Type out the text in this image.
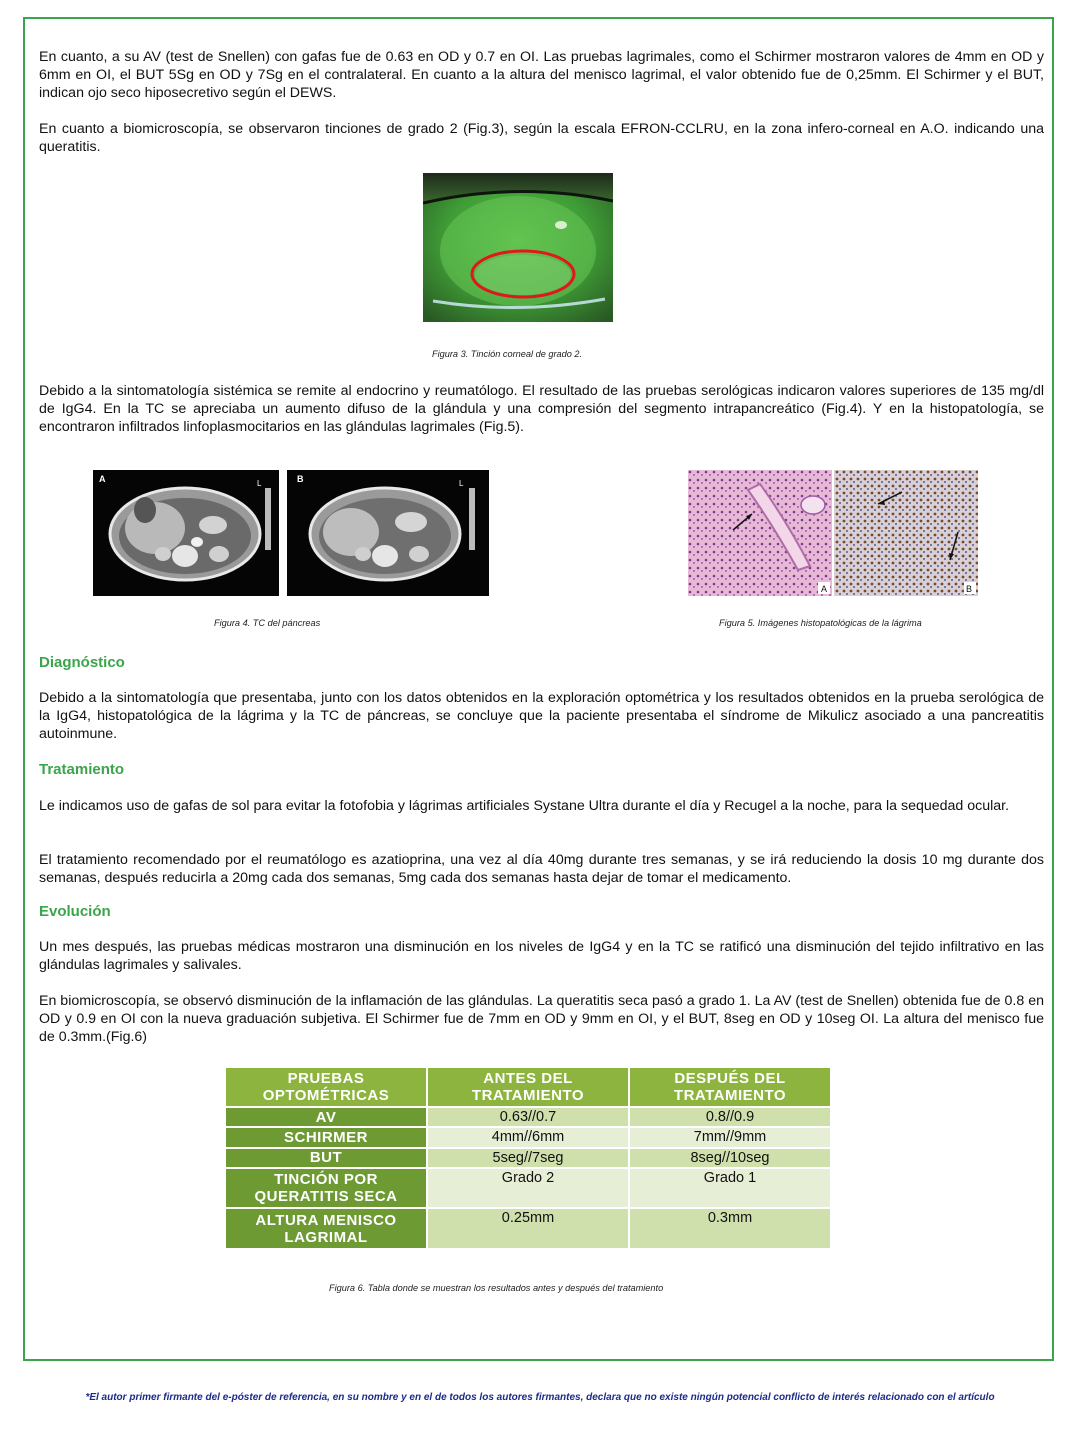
En cuanto, a su AV (test de Snellen) con gafas fue de 0.63 en OD y 0.7 en OI. Las pruebas lagrimales, como el Schirmer mostraron valores de 4mm en OD y 6mm en OI, el BUT 5Sg en OD y 7Sg en el contralateral. En cuanto a la altura del menisco lagrimal, el valor obtenido fue de 0,25mm. El Schirmer y el BUT, indican ojo seco hiposecretivo según el DEWS.

En cuanto a biomicroscopía, se observaron tinciones de grado 2 (Fig.3), según la escala EFRON-CCLRU, en la zona infero-corneal en A.O. indicando una queratitis.

Figura 3. Tinción corneal de grado 2.

Debido a la sintomatología sistémica se remite al endocrino y reumatólogo. El resultado de las pruebas serológicas indicaron valores superiores de 135 mg/dl de IgG4. En la TC se apreciaba un aumento difuso de la glándula y una compresión del segmento intrapancreático (Fig.4). Y en la histopatología, se encontraron infiltrados linfoplasmocitarios en las glándulas lagrimales (Fig.5).

A	B
L	L

Figura 4. TC del páncreas

A	B

Figura 5. Imágenes histopatológicas de la lágrima

Diagnóstico

Debido a la sintomatología que presentaba, junto con los datos obtenidos en la exploración optométrica y los resultados obtenidos en la prueba serológica de la IgG4, histopatológica de la lágrima y la TC de páncreas, se concluye que la paciente presentaba el síndrome de Mikulicz asociado a una pancreatitis autoinmune.

Tratamiento

Le indicamos uso de gafas de sol para evitar la fotofobia y lágrimas artificiales Systane Ultra durante el día y Recugel a la noche, para la sequedad ocular.

El tratamiento recomendado por el reumatólogo es azatioprina, una vez al día 40mg durante tres semanas, y se irá reduciendo la dosis 10 mg durante dos semanas, después reducirla a 20mg cada dos semanas, 5mg cada dos semanas hasta dejar de tomar el medicamento.

Evolución

Un mes después, las pruebas médicas mostraron una disminución en los niveles de IgG4 y en la TC se ratificó una disminución del tejido infiltrativo en las glándulas lagrimales y salivales.

En biomicroscopía, se observó disminución de la inflamación de las glándulas. La queratitis seca pasó a grado 1. La AV (test de Snellen) obtenida fue de 0.8 en OD y 0.9 en OI con la nueva graduación subjetiva. El Schirmer fue de 7mm en OD y 9mm en OI, y el BUT, 8seg en OD y 10seg OI. La altura del menisco fue de 0.3mm.(Fig.6)

PRUEBAS OPTOMÉTRICAS	ANTES DEL TRATAMIENTO	DESPUÉS DEL TRATAMIENTO
AV	0.63//0.7	0.8//0.9
SCHIRMER	4mm//6mm	7mm//9mm
BUT	5seg//7seg	8seg//10seg
TINCIÓN POR QUERATITIS SECA	Grado 2	Grado 1
ALTURA MENISCO LAGRIMAL	0.25mm	0.3mm

Figura 6. Tabla donde se muestran los resultados antes y después del tratamiento

*El autor primer firmante del e-póster de referencia, en su nombre y en el de todos los autores firmantes, declara que no existe ningún potencial conflicto de interés relacionado con el artículo
